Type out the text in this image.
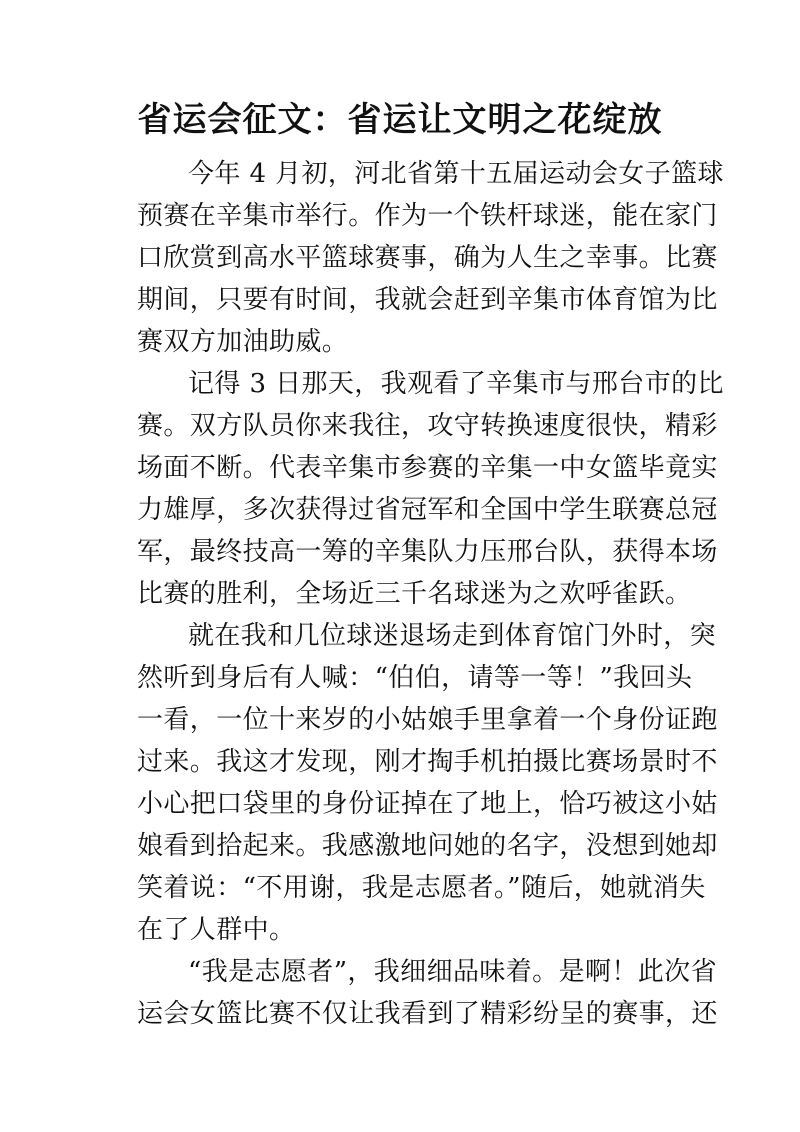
省运会征文：省运让文明之花绽放
今年 4 月初，河北省第十五届运动会女子篮球
预赛在辛集市举行。作为一个铁杆球迷，能在家门
口欣赏到高水平篮球赛事，确为人生之幸事。比赛
期间，只要有时间，我就会赶到辛集市体育馆为比
赛双方加油助威。
记得 3 日那天，我观看了辛集市与邢台市的比
赛。双方队员你来我往，攻守转换速度很快，精彩
场面不断。代表辛集市参赛的辛集一中女篮毕竟实
力雄厚，多次获得过省冠军和全国中学生联赛总冠
军，最终技高一筹的辛集队力压邢台队，获得本场
比赛的胜利，全场近三千名球迷为之欢呼雀跃。
就在我和几位球迷退场走到体育馆门外时，突
然听到身后有人喊：“伯伯，请等一等！”我回头
一看，一位十来岁的小姑娘手里拿着一个身份证跑
过来。我这才发现，刚才掏手机拍摄比赛场景时不
小心把口袋里的身份证掉在了地上，恰巧被这小姑
娘看到拾起来。我感激地问她的名字，没想到她却
笑着说：“不用谢，我是志愿者。”随后，她就消失
在了人群中。
“我是志愿者”，我细细品味着。是啊！此次省
运会女篮比赛不仅让我看到了精彩纷呈的赛事，还
